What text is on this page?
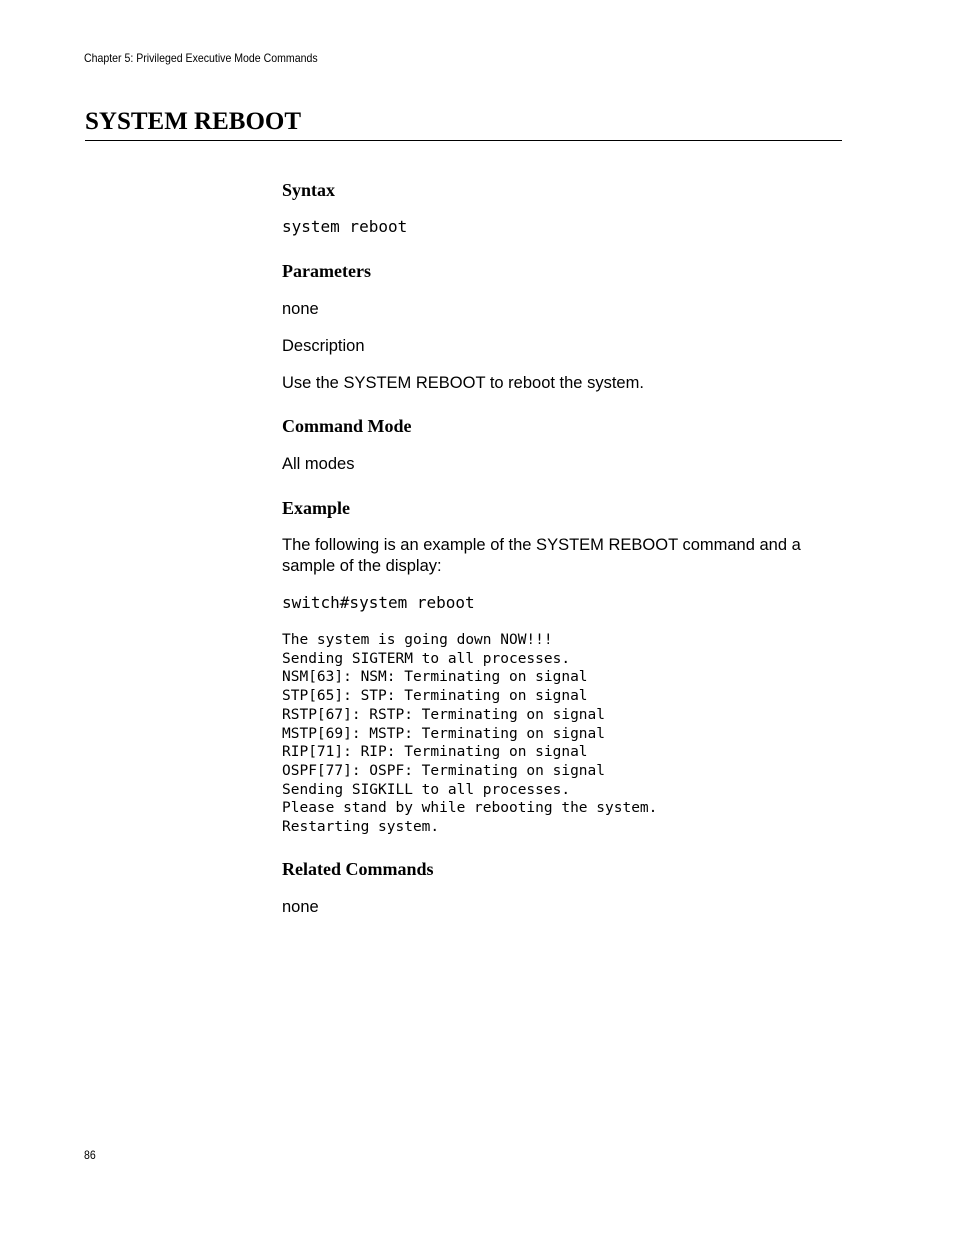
Chapter 5: Privileged Executive Mode Commands
SYSTEM REBOOT
Syntax
system reboot
Parameters

none

Description

Use the SYSTEM REBOOT to reboot the system.

Command Mode

All modes

Example

The following is an example of the SYSTEM REBOOT command and a sample of the display:

switch#system reboot
The system is going down NOW!!!
Sending SIGTERM to all processes.
NSM[63]: NSM: Terminating on signal
STP[65]: STP: Terminating on signal
RSTP[67]: RSTP: Terminating on signal
MSTP[69]: MSTP: Terminating on signal
RIP[71]: RIP: Terminating on signal
OSPF[77]: OSPF: Terminating on signal
Sending SIGKILL to all processes.
Please stand by while rebooting the system.
Restarting system.
Related Commands

none

86
